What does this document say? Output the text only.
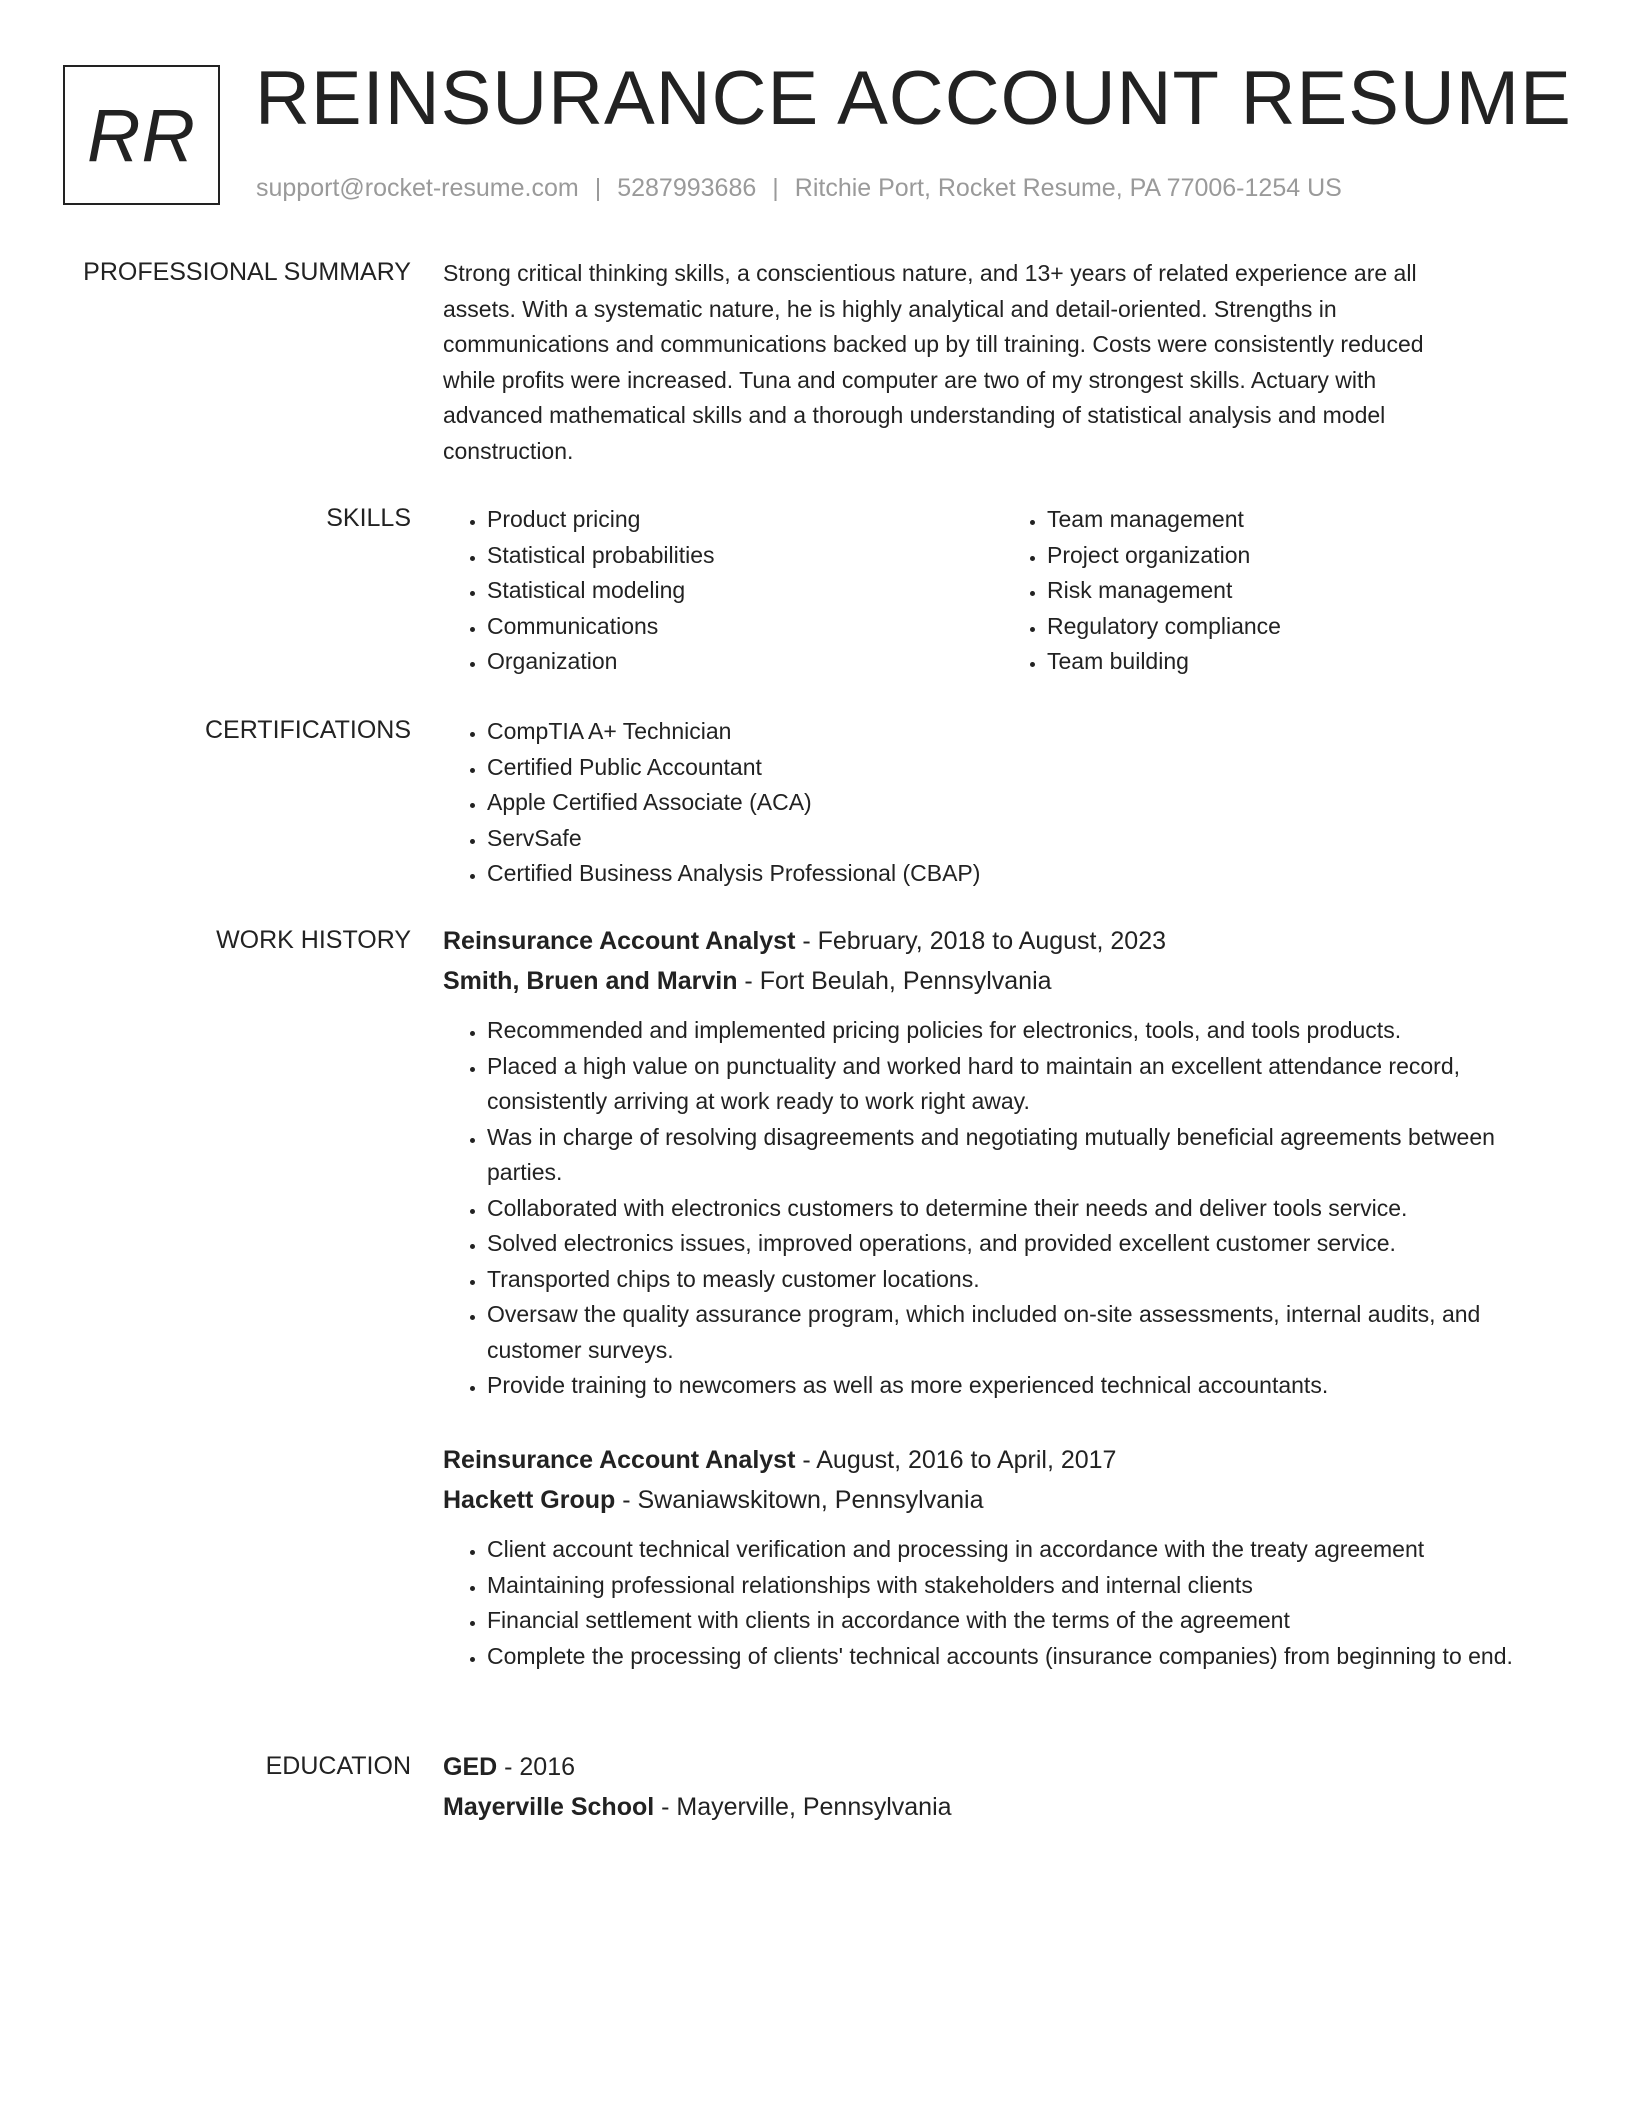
RR REINSURANCE ACCOUNT RESUME
support@rocket-resume.com | 5287993686 | Ritchie Port, Rocket Resume, PA 77006-1254 US
PROFESSIONAL SUMMARY Strong critical thinking skills, a conscientious nature, and 13+ years of related experience are all
assets. With a systematic nature, he is highly analytical and detail-oriented. Strengths in
communications and communications backed up by till training. Costs were consistently reduced
while profits were increased. Tuna and computer are two of my strongest skills. Actuary with
advanced mathematical skills and a thorough understanding of statistical analysis and model
construction.

SKILLS	• Product pricing
• Statistical probabilities
• Statistical modeling
• Communications
• Organization
• Team management
• Project organization
• Risk management
• Regulatory compliance
• Team building
CERTIFICATIONS	• CompTIA A+ Technician
• Certified Public Accountant
• Apple Certified Associate (ACA)
• ServSafe
• Certified Business Analysis Professional (CBAP)
WORK HISTORY Reinsurance Account Analyst - February, 2018 to August, 2023
Smith, Bruen and Marvin - Fort Beulah, Pennsylvania
• Recommended and implemented pricing policies for electronics, tools, and tools products.
• Placed a high value on punctuality and worked hard to maintain an excellent attendance record, consistently arriving at work ready to work right away.
• Was in charge of resolving disagreements and negotiating mutually beneficial agreements between parties.
• Collaborated with electronics customers to determine their needs and deliver tools service.
• Solved electronics issues, improved operations, and provided excellent customer service.
• Transported chips to measly customer locations.
• Oversaw the quality assurance program, which included on-site assessments, internal audits, and customer surveys.
• Provide training to newcomers as well as more experienced technical accountants.
Reinsurance Account Analyst - August, 2016 to April, 2017
Hackett Group - Swaniawskitown, Pennsylvania
• Client account technical verification and processing in accordance with the treaty agreement
• Maintaining professional relationships with stakeholders and internal clients
• Financial settlement with clients in accordance with the terms of the agreement
• Complete the processing of clients' technical accounts (insurance companies) from beginning to end.
EDUCATION GED - 2016
Mayerville School - Mayerville, Pennsylvania
